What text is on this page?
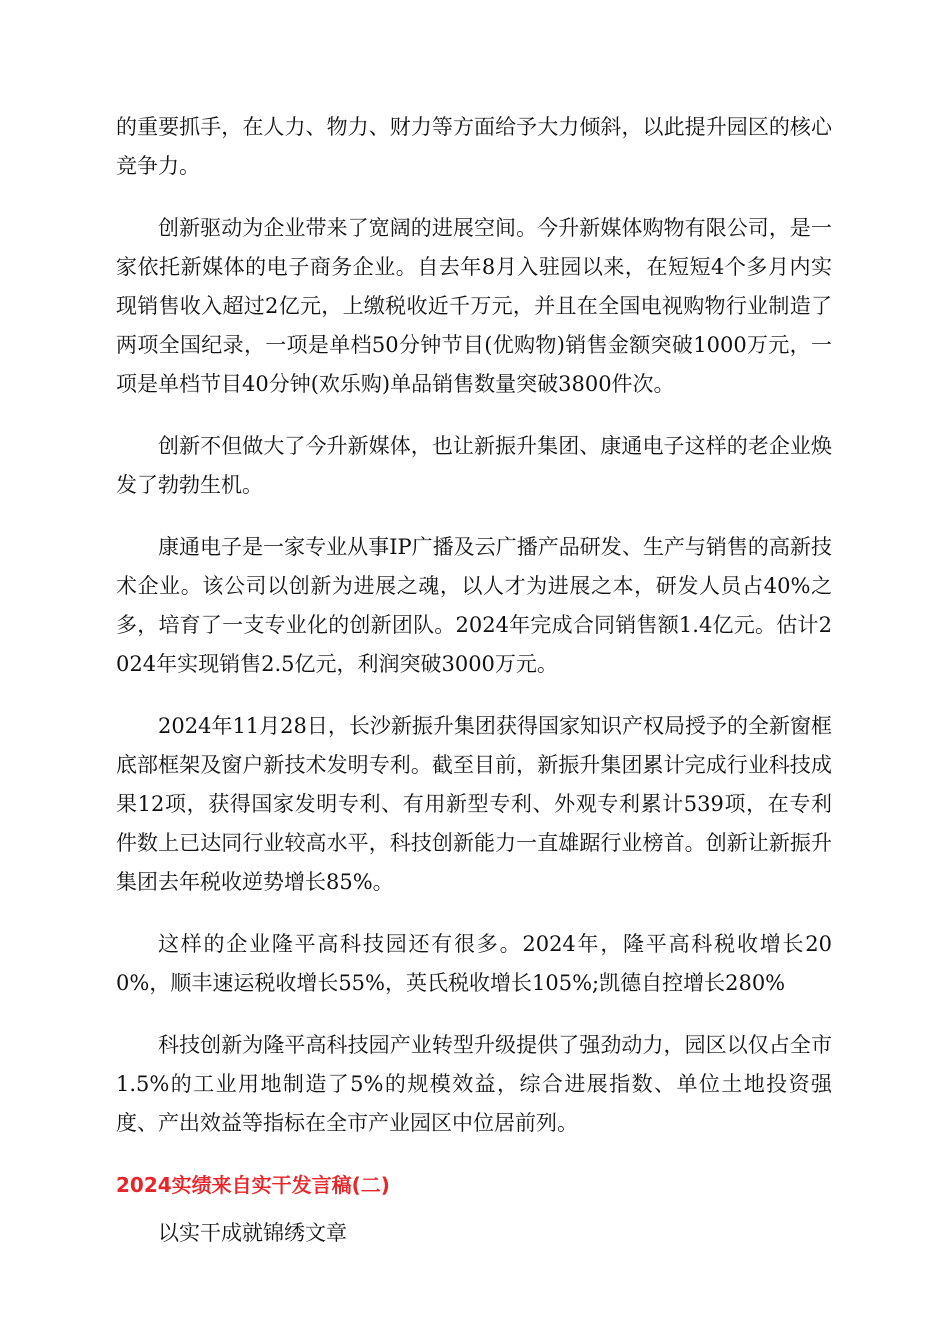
的重要抓手，在人力、物力、财力等方面给予大力倾斜，以此提升园区的核心竞争力。

创新驱动为企业带来了宽阔的进展空间。今升新媒体购物有限公司，是一家依托新媒体的电子商务企业。自去年8月入驻园以来，在短短4个多月内实现销售收入超过2亿元，上缴税收近千万元，并且在全国电视购物行业制造了两项全国纪录，一项是单档50分钟节目(优购物)销售金额突破1000万元，一项是单档节目40分钟(欢乐购)单品销售数量突破3800件次。

创新不但做大了今升新媒体，也让新振升集团、康通电子这样的老企业焕发了勃勃生机。

康通电子是一家专业从事IP广播及云广播产品研发、生产与销售的高新技术企业。该公司以创新为进展之魂，以人才为进展之本，研发人员占40%之多，培育了一支专业化的创新团队。2024年完成合同销售额1.4亿元。估计2024年实现销售2.5亿元，利润突破3000万元。

2024年11月28日，长沙新振升集团获得国家知识产权局授予的全新窗框底部框架及窗户新技术发明专利。截至目前，新振升集团累计完成行业科技成果12项，获得国家发明专利、有用新型专利、外观专利累计539项，在专利件数上已达同行业较高水平，科技创新能力一直雄踞行业榜首。创新让新振升集团去年税收逆势增长85%。

这样的企业隆平高科技园还有很多。2024年，隆平高科税收增长200%，顺丰速运税收增长55%，英氏税收增长105%;凯德自控增长280%

科技创新为隆平高科技园产业转型升级提供了强劲动力，园区以仅占全市1.5%的工业用地制造了5%的规模效益，综合进展指数、单位土地投资强度、产出效益等指标在全市产业园区中位居前列。

2024实绩来自实干发言稿(二)

以实干成就锦绣文章
